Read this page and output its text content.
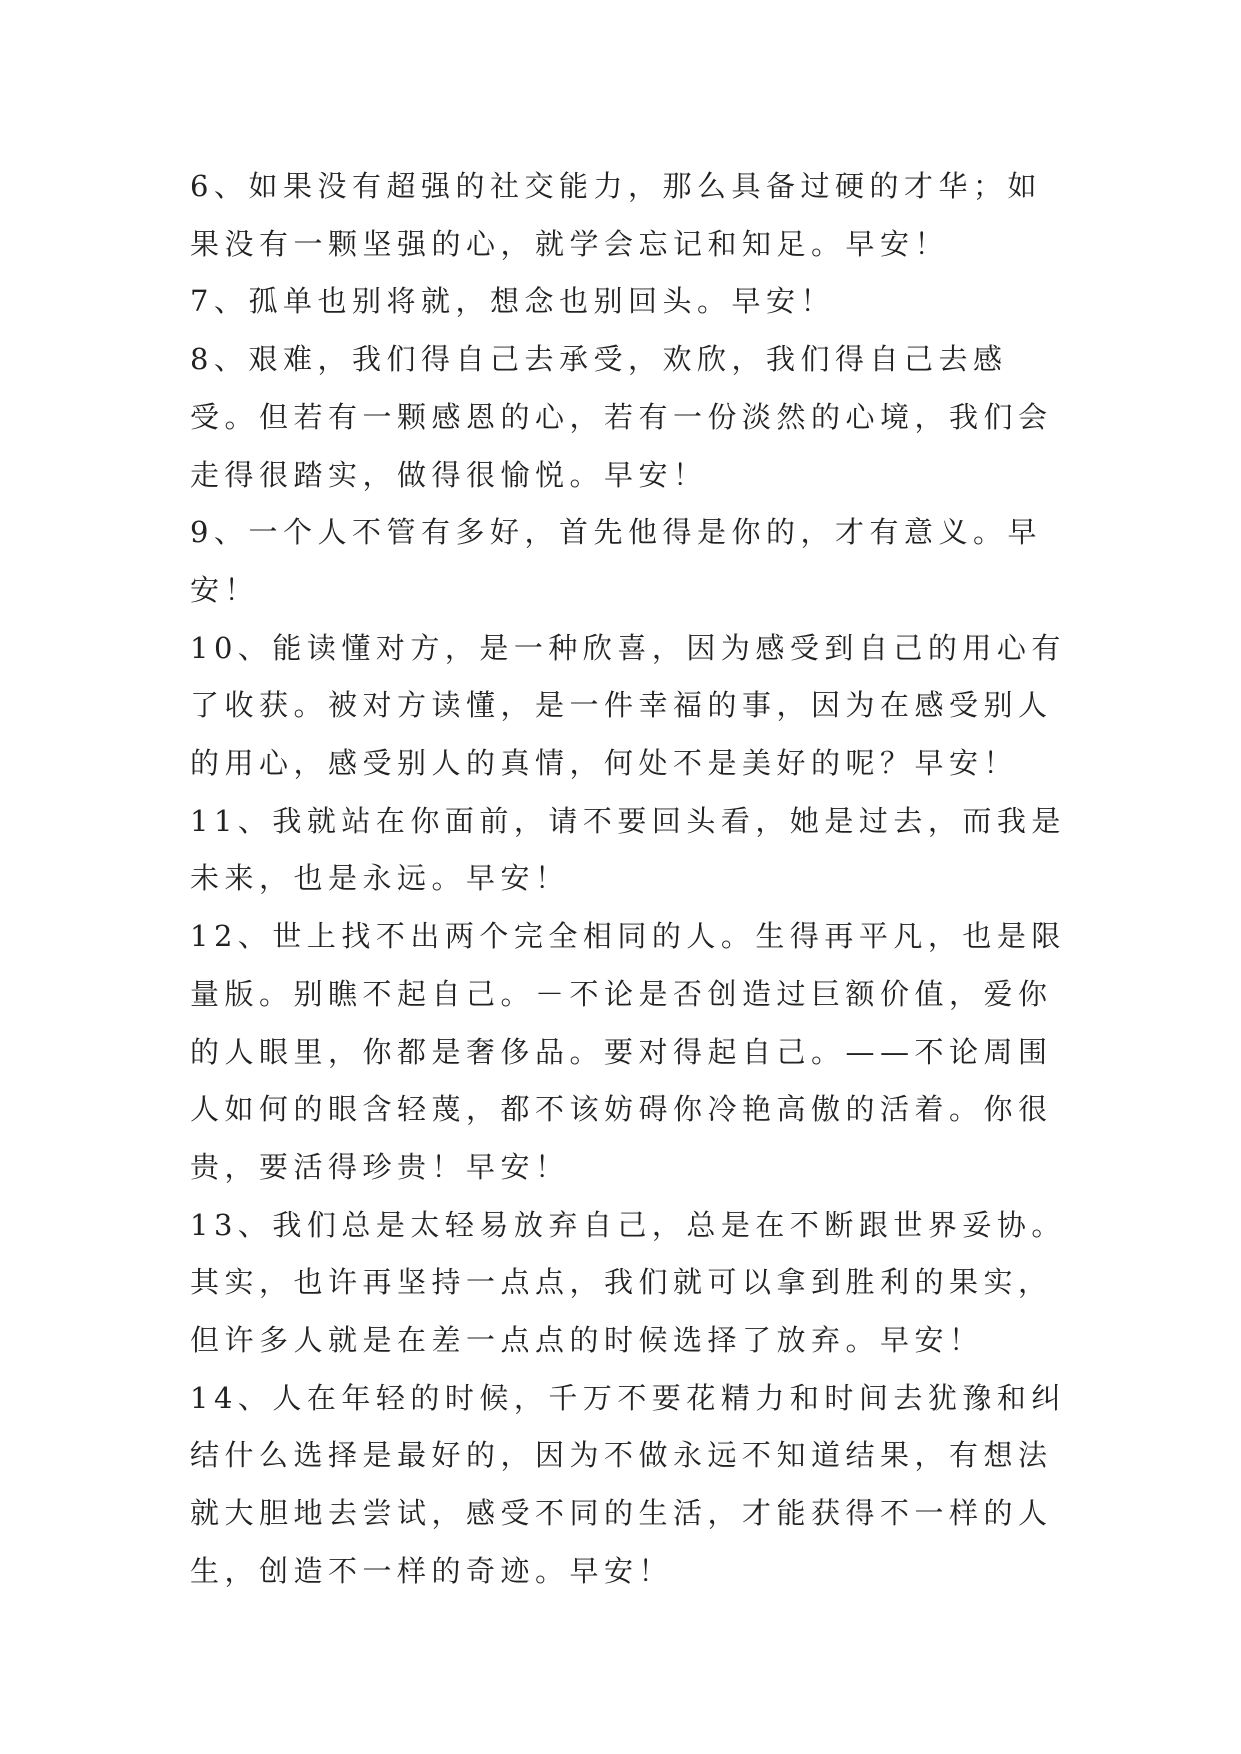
6、如果没有超强的社交能力，那么具备过硬的才华；如果没有一颗坚强的心，就学会忘记和知足。早安！

7、孤单也别将就，想念也别回头。早安！

8、艰难，我们得自己去承受，欢欣，我们得自己去感受。但若有一颗感恩的心，若有一份淡然的心境，我们会走得很踏实，做得很愉悦。早安！

9、一个人不管有多好，首先他得是你的，才有意义。早安！

10、能读懂对方，是一种欣喜，因为感受到自己的用心有了收获。被对方读懂，是一件幸福的事，因为在感受别人的用心，感受别人的真情，何处不是美好的呢？早安！

11、我就站在你面前，请不要回头看，她是过去，而我是未来，也是永远。早安！

12、世上找不出两个完全相同的人。生得再平凡，也是限量版。别瞧不起自己。－不论是否创造过巨额价值，爱你的人眼里，你都是奢侈品。要对得起自己。——不论周围人如何的眼含轻蔑，都不该妨碍你冷艳高傲的活着。你很贵，要活得珍贵！早安！

13、我们总是太轻易放弃自己，总是在不断跟世界妥协。其实，也许再坚持一点点，我们就可以拿到胜利的果实，但许多人就是在差一点点的时候选择了放弃。早安！

14、人在年轻的时候，千万不要花精力和时间去犹豫和纠结什么选择是最好的，因为不做永远不知道结果，有想法就大胆地去尝试，感受不同的生活，才能获得不一样的人生，创造不一样的奇迹。早安！
